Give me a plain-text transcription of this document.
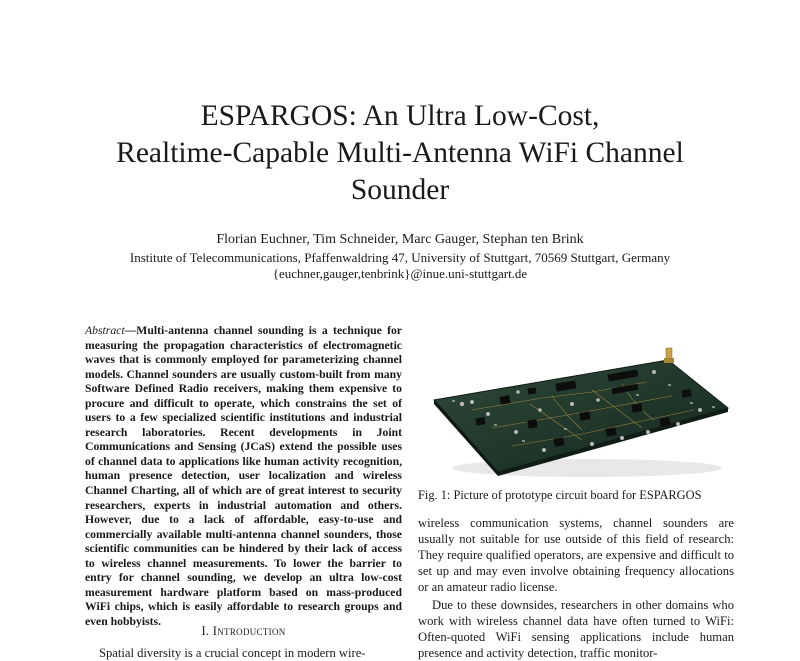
ESPARGOS: An Ultra Low-Cost,
Realtime-Capable Multi-Antenna WiFi Channel
Sounder
Florian Euchner, Tim Schneider, Marc Gauger, Stephan ten Brink
Institute of Telecommunications, Pfaffenwaldring 47, University of Stuttgart, 70569 Stuttgart, Germany
{euchner,gauger,tenbrink}@inue.uni-stuttgart.de
Abstract—Multi-antenna channel sounding is a technique for measuring the propagation characteristics of electromagnetic waves that is commonly employed for parameterizing channel models. Channel sounders are usually custom-built from many Software Defined Radio receivers, making them expensive to procure and difficult to operate, which constrains the set of users to a few specialized scientific institutions and industrial research laboratories. Recent developments in Joint Communications and Sensing (JCaS) extend the possible uses of channel data to applications like human activity recognition, human presence detection, user localization and wireless Channel Charting, all of which are of great interest to security researchers, experts in industrial automation and others. However, due to a lack of affordable, easy-to-use and commercially available multi-antenna channel sounders, those scientific communities can be hindered by their lack of access to wireless channel measurements. To lower the barrier to entry for channel sounding, we develop an ultra low-cost measurement hardware platform based on mass-produced WiFi chips, which is easily affordable to research groups and even hobbyists.
I. Introduction
Spatial diversity is a crucial concept in modern wire-
Fig. 1: Picture of prototype circuit board for ESPARGOS
wireless communication systems, channel sounders are usually not suitable for use outside of this field of research: They require qualified operators, are expensive and difficult to set up and may even involve obtaining frequency allocations or an amateur radio license.
Due to these downsides, researchers in other domains who work with wireless channel data have often turned to WiFi: Often-quoted WiFi sensing applications include human presence and activity detection, traffic monitor-
